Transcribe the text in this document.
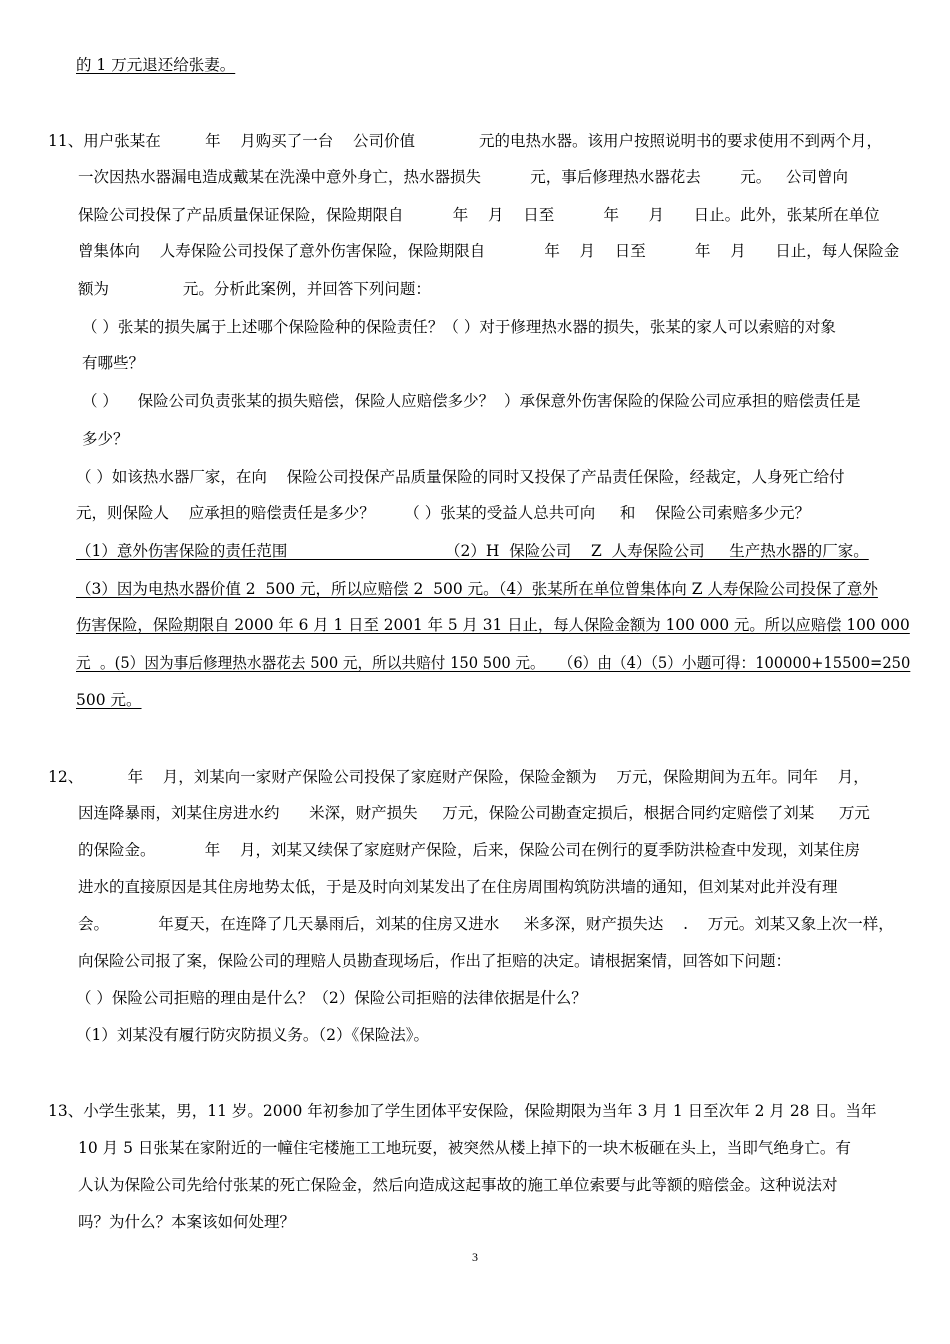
的 1 万元退还给张妻。
11、用户张某在         年    月购买了一台    公司价值             元的电热水器。该用户按照说明书的要求使用不到两个月，
一次因热水器漏电造成戴某在洗澡中意外身亡，热水器损失          元，事后修理热水器花去        元。   公司曾向
保险公司投保了产品质量保证保险，保险期限自          年    月    日至          年      月      日止。此外，张某所在单位
曾集体向    人寿保险公司投保了意外伤害保险，保险期限自            年    月    日至          年    月      日止，每人保险金
额为               元。分析此案例，并回答下列问题：
（ ）张某的损失属于上述哪个保险险种的保险责任？（ ）对于修理热水器的损失，张某的家人可以索赔的对象
有哪些？
（ ）    保险公司负责张某的损失赔偿，保险人应赔偿多少？  ）承保意外伤害保险的保险公司应承担的赔偿责任是
多少？
（ ）如该热水器厂家，在向    保险公司投保产品质量保险的同时又投保了产品责任保险，经裁定，人身死亡给付
元，则保险人    应承担的赔偿责任是多少？      （ ）张某的受益人总共可向     和    保险公司索赔多少元？
（1）意外伤害保险的责任范围                                （2）H  保险公司    Z  人寿保险公司     生产热水器的厂家。
（3）因为电热水器价值 2  500 元，所以应赔偿 2  500 元。（4）张某所在单位曾集体向 Z 人寿保险公司投保了意外
伤害保险，保险期限自 2000 年 6 月 1 日至 2001 年 5 月 31 日止，每人保险金额为 100 000 元。所以应赔偿 100 000
元  。(5）因为事后修理热水器花去 500 元，所以共赔付 150 500 元。   （6）由（4）（5）小题可得：100000+15500=250
500 元。
12、         年    月，刘某向一家财产保险公司投保了家庭财产保险，保险金额为    万元，保险期间为五年。同年    月，
因连降暴雨，刘某住房进水约      米深，财产损失     万元，保险公司勘查定损后，根据合同约定赔偿了刘某     万元
的保险金。          年    月，刘某又续保了家庭财产保险，后来，保险公司在例行的夏季防洪检查中发现，刘某住房
进水的直接原因是其住房地势太低，于是及时向刘某发出了在住房周围构筑防洪墙的通知，但刘某对此并没有理
会。          年夏天，在连降了几天暴雨后，刘某的住房又进水     米多深，财产损失达    .    万元。刘某又象上次一样，
向保险公司报了案，保险公司的理赔人员勘查现场后，作出了拒赔的决定。请根据案情，回答如下问题：
（ ）保险公司拒赔的理由是什么？（2）保险公司拒赔的法律依据是什么？
（1）刘某没有履行防灾防损义务。（2）《保险法》。
13、小学生张某，男，11 岁。2000 年初参加了学生团体平安保险，保险期限为当年 3 月 1 日至次年 2 月 28 日。当年
10 月 5 日张某在家附近的一幢住宅楼施工工地玩耍，被突然从楼上掉下的一块木板砸在头上，当即气绝身亡。有
人认为保险公司先给付张某的死亡保险金，然后向造成这起事故的施工单位索要与此等额的赔偿金。这种说法对
吗？为什么？本案该如何处理？
3
